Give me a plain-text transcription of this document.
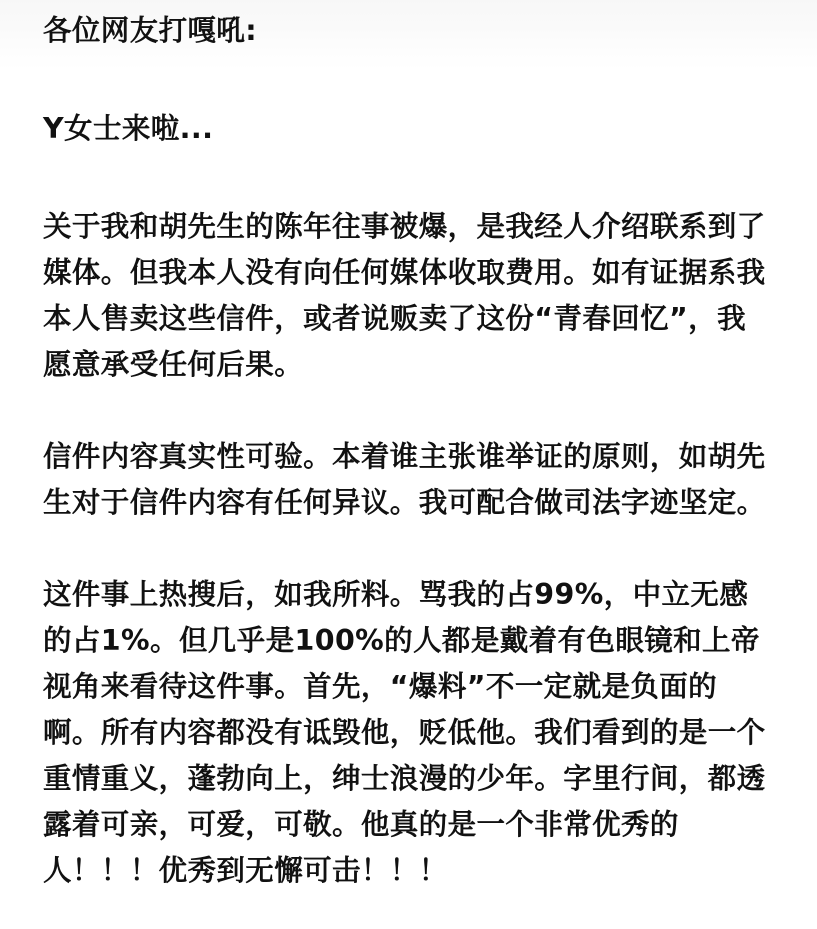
各位网友打嘎吼:

Y女士来啦...

关于我和胡先生的陈年往事被爆，是我经人介绍联系到了
媒体。但我本人没有向任何媒体收取费用。如有证据系我
本人售卖这些信件，或者说贩卖了这份“青春回忆”，我
愿意承受任何后果。

信件内容真实性可验。本着谁主张谁举证的原则，如胡先
生对于信件内容有任何异议。我可配合做司法字迹坚定。

这件事上热搜后，如我所料。骂我的占99%，中立无感
的占1%。但几乎是100%的人都是戴着有色眼镜和上帝
视角来看待这件事。首先，“爆料”不一定就是负面的
啊。所有内容都没有诋毁他，贬低他。我们看到的是一个
重情重义，蓬勃向上，绅士浪漫的少年。字里行间，都透
露着可亲，可爱，可敬。他真的是一个非常优秀的
人！！！优秀到无懈可击！！！
